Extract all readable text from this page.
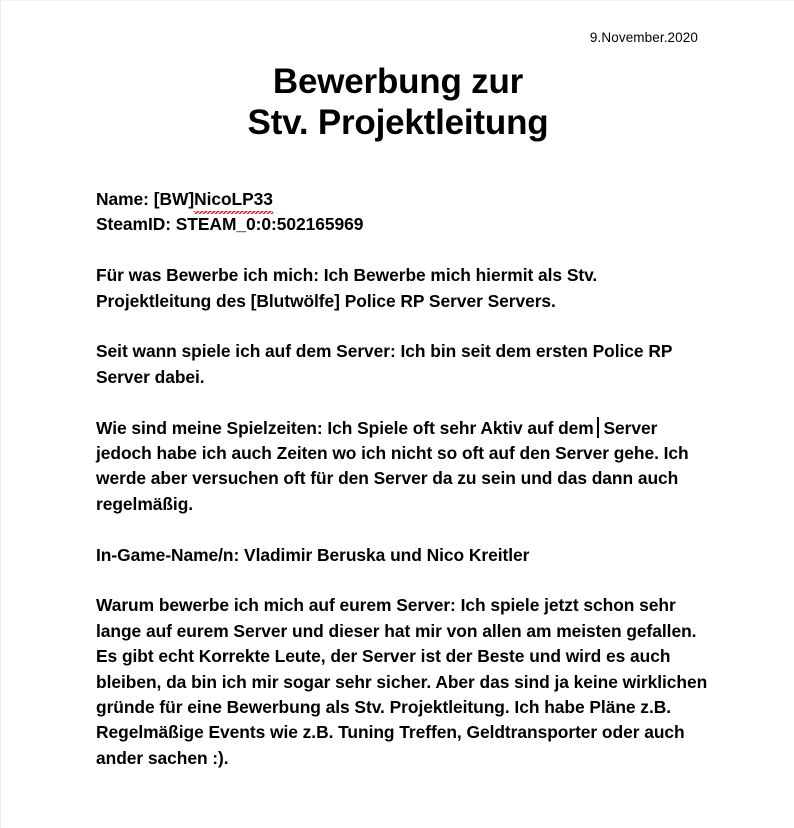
9.November.2020
Bewerbung zur
Stv. Projektleitung

Name: [BW]NicoLP33

SteamID: STEAM_0:0:502165969

Für was Bewerbe ich mich: Ich Bewerbe mich hiermit als Stv. Projektleitung des [Blutwölfe] Police RP Server Servers.

Seit wann spiele ich auf dem Server: Ich bin seit dem ersten Police RP Server dabei.

Wie sind meine Spielzeiten: Ich Spiele oft sehr Aktiv auf dem Server jedoch habe ich auch Zeiten wo ich nicht so oft auf den Server gehe. Ich werde aber versuchen oft für den Server da zu sein und das dann auch regelmäßig.

In-Game-Name/n: Vladimir Beruska und Nico Kreitler

Warum bewerbe ich mich auf eurem Server: Ich spiele jetzt schon sehr lange auf eurem Server und dieser hat mir von allen am meisten gefallen. Es gibt echt Korrekte Leute, der Server ist der Beste und wird es auch bleiben, da bin ich mir sogar sehr sicher. Aber das sind ja keine wirklichen gründe für eine Bewerbung als Stv. Projektleitung. Ich habe Pläne z.B. Regelmäßige Events wie z.B. Tuning Treffen, Geldtransporter oder auch ander sachen :).
